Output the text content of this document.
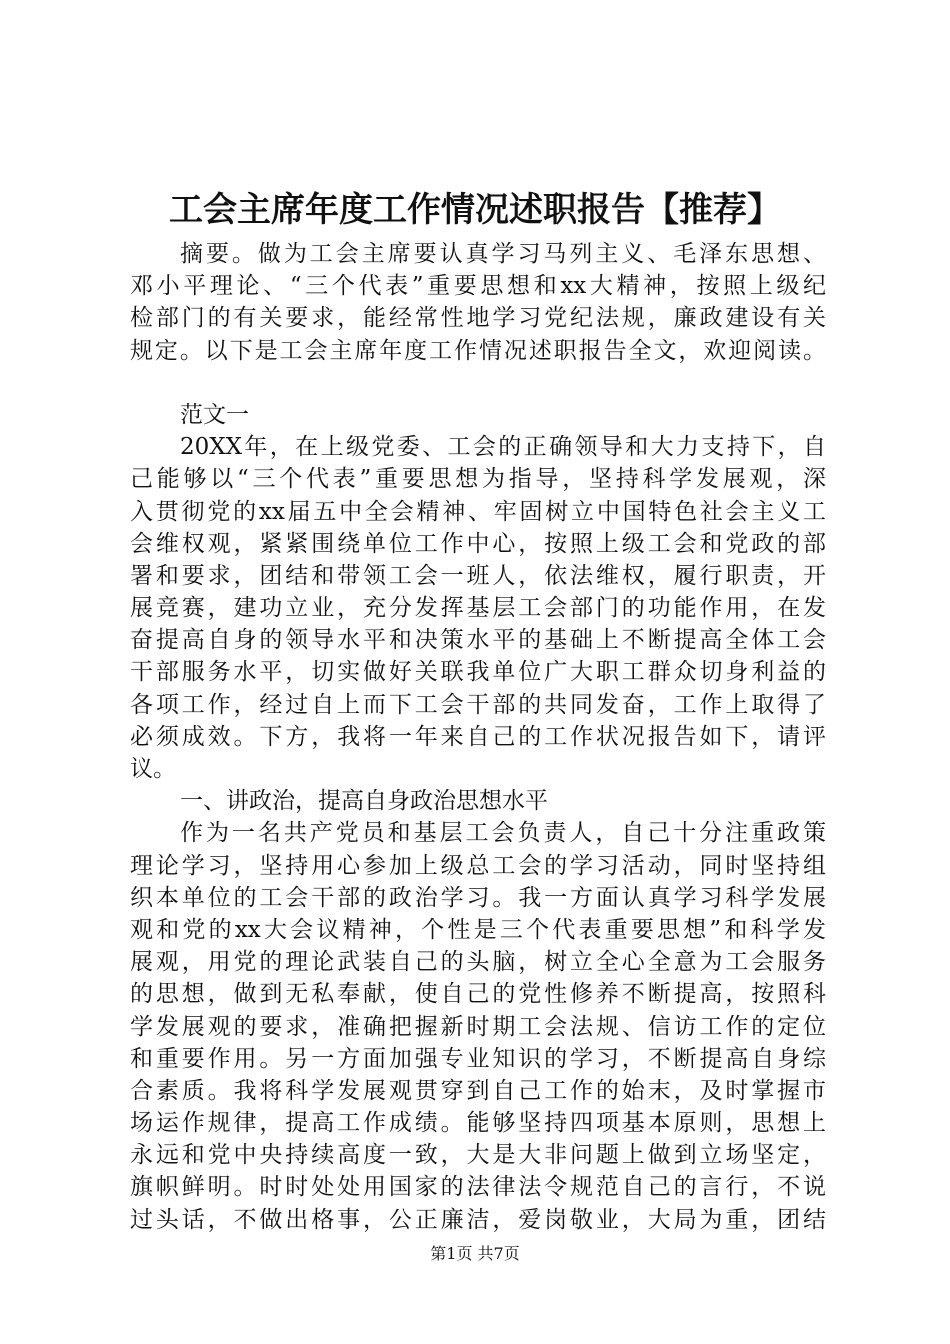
工会主席年度工作情况述职报告【推荐】
摘要。做为工会主席要认真学习马列主义、毛泽东思想、
邓小平理论、“三个代表”重要思想和xx大精神，按照上级纪
检部门的有关要求，能经常性地学习党纪法规，廉政建设有关
规定。以下是工会主席年度工作情况述职报告全文，欢迎阅读。
范文一
20XX年，在上级党委、工会的正确领导和大力支持下，自
己能够以“三个代表”重要思想为指导，坚持科学发展观，深
入贯彻党的xx届五中全会精神、牢固树立中国特色社会主义工
会维权观，紧紧围绕单位工作中心，按照上级工会和党政的部
署和要求，团结和带领工会一班人，依法维权，履行职责，开
展竞赛，建功立业，充分发挥基层工会部门的功能作用，在发
奋提高自身的领导水平和决策水平的基础上不断提高全体工会
干部服务水平，切实做好关联我单位广大职工群众切身利益的
各项工作，经过自上而下工会干部的共同发奋，工作上取得了
必须成效。下方，我将一年来自己的工作状况报告如下，请评
议。
一、讲政治，提高自身政治思想水平
作为一名共产党员和基层工会负责人，自己十分注重政策
理论学习，坚持用心参加上级总工会的学习活动，同时坚持组
织本单位的工会干部的政治学习。我一方面认真学习科学发展
观和党的xx大会议精神，个性是三个代表重要思想”和科学发
展观，用党的理论武装自己的头脑，树立全心全意为工会服务
的思想，做到无私奉献，使自己的党性修养不断提高，按照科
学发展观的要求，准确把握新时期工会法规、信访工作的定位
和重要作用。另一方面加强专业知识的学习，不断提高自身综
合素质。我将科学发展观贯穿到自己工作的始末，及时掌握市
场运作规律，提高工作成绩。能够坚持四项基本原则，思想上
永远和党中央持续高度一致，大是大非问题上做到立场坚定，
旗帜鲜明。时时处处用国家的法律法令规范自己的言行，不说
过头话，不做出格事，公正廉洁，爱岗敬业，大局为重，团结
第1页 共7页
